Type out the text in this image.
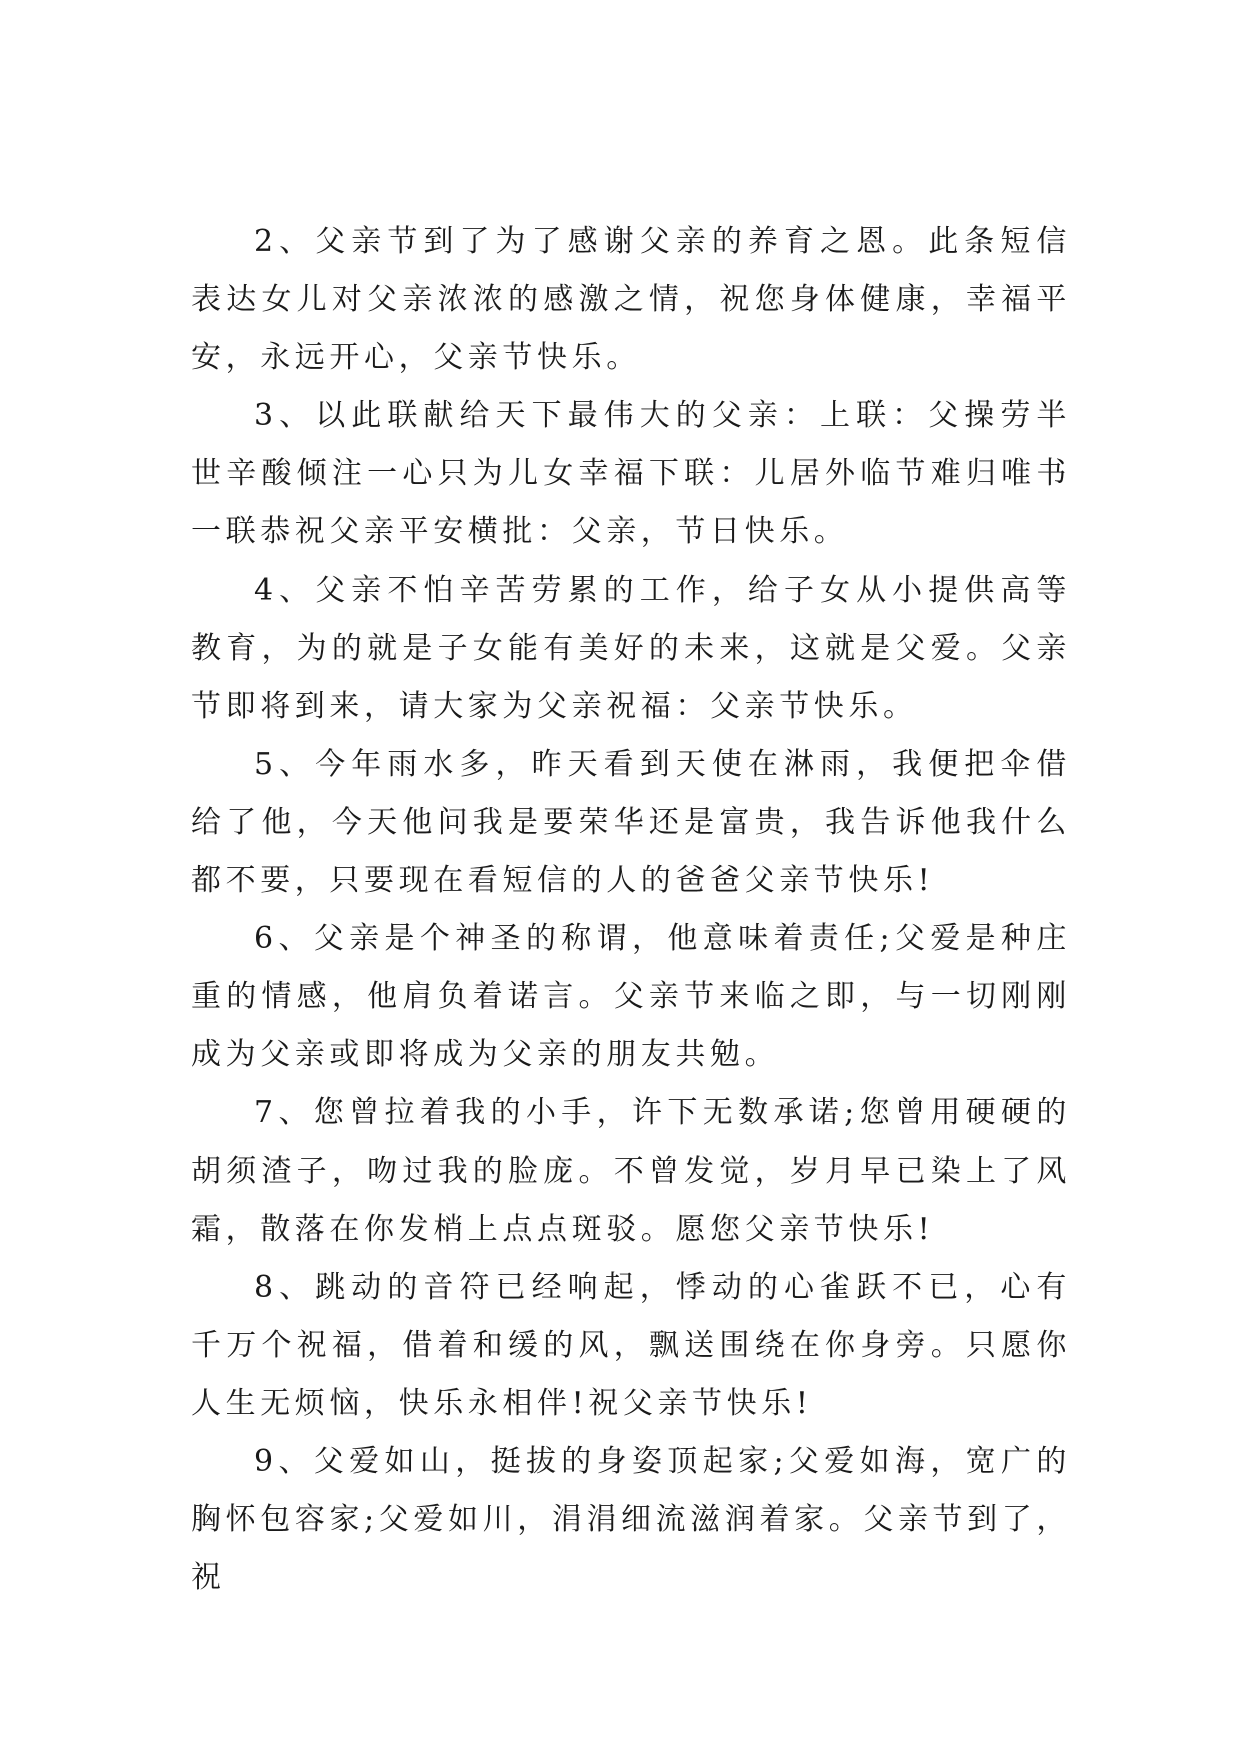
2、父亲节到了为了感谢父亲的养育之恩。此条短信表达女儿对父亲浓浓的感激之情，祝您身体健康，幸福平安，永远开心，父亲节快乐。

3、以此联献给天下最伟大的父亲：上联：父操劳半世辛酸倾注一心只为儿女幸福下联：儿居外临节难归唯书一联恭祝父亲平安横批：父亲，节日快乐。

4、父亲不怕辛苦劳累的工作，给子女从小提供高等教育，为的就是子女能有美好的未来，这就是父爱。父亲节即将到来，请大家为父亲祝福：父亲节快乐。

5、今年雨水多，昨天看到天使在淋雨，我便把伞借给了他，今天他问我是要荣华还是富贵，我告诉他我什么都不要，只要现在看短信的人的爸爸父亲节快乐!

6、父亲是个神圣的称谓，他意味着责任;父爱是种庄重的情感，他肩负着诺言。父亲节来临之即，与一切刚刚成为父亲或即将成为父亲的朋友共勉。

7、您曾拉着我的小手，许下无数承诺;您曾用硬硬的胡须渣子，吻过我的脸庞。不曾发觉，岁月早已染上了风霜，散落在你发梢上点点斑驳。愿您父亲节快乐!

8、跳动的音符已经响起，悸动的心雀跃不已，心有千万个祝福，借着和缓的风，飘送围绕在你身旁。只愿你人生无烦恼，快乐永相伴!祝父亲节快乐!

9、父爱如山，挺拔的身姿顶起家;父爱如海，宽广的胸怀包容家;父爱如川，涓涓细流滋润着家。父亲节到了，祝
